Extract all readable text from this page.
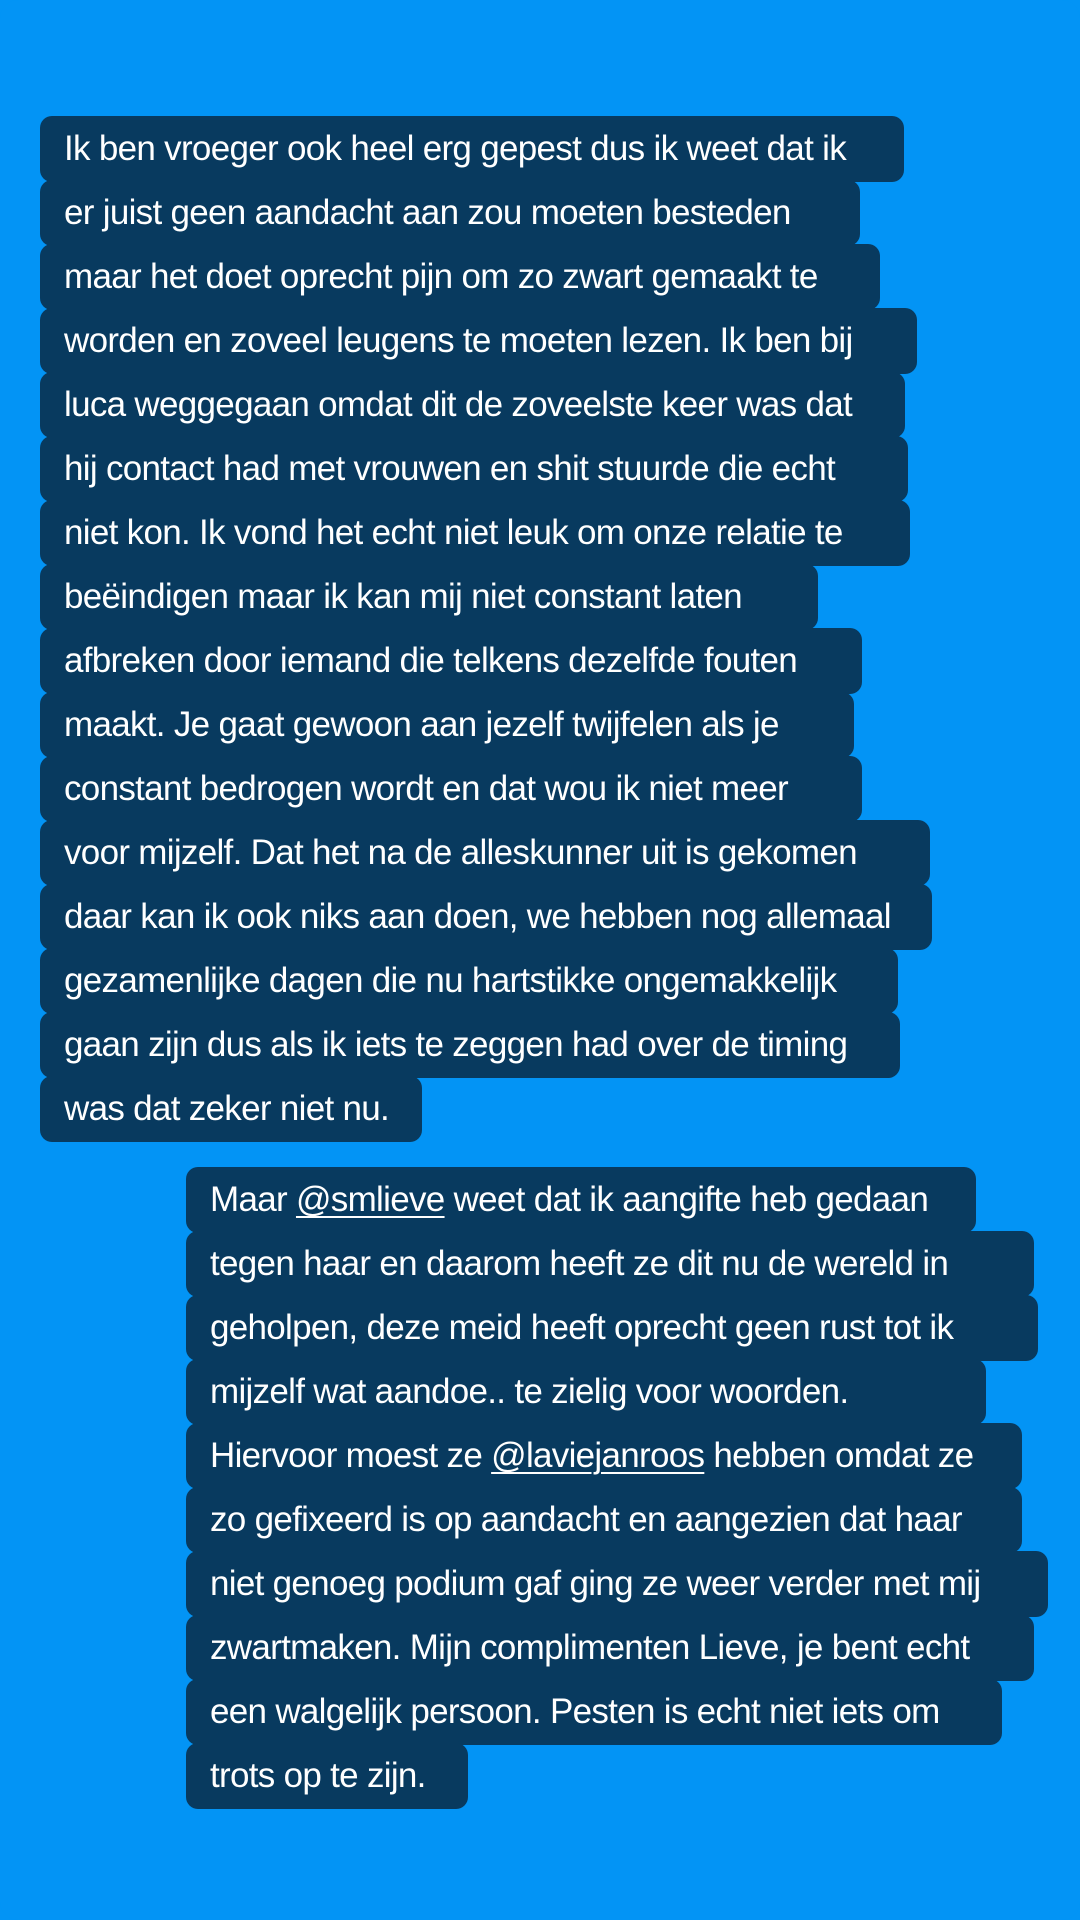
Ik ben vroeger ook heel erg gepest dus ik weet dat ik
er juist geen aandacht aan zou moeten besteden
maar het doet oprecht pijn om zo zwart gemaakt te
worden en zoveel leugens te moeten lezen. Ik ben bij
luca weggegaan omdat dit de zoveelste keer was dat
hij contact had met vrouwen en shit stuurde die echt
niet kon. Ik vond het echt niet leuk om onze relatie te
beëindigen maar ik kan mij niet constant laten
afbreken door iemand die telkens dezelfde fouten
maakt. Je gaat gewoon aan jezelf twijfelen als je
constant bedrogen wordt en dat wou ik niet meer
voor mijzelf. Dat het na de alleskunner uit is gekomen
daar kan ik ook niks aan doen, we hebben nog allemaal
gezamenlijke dagen die nu hartstikke ongemakkelijk
gaan zijn dus als ik iets te zeggen had over de timing
was dat zeker niet nu.
Maar @smlieve weet dat ik aangifte heb gedaan
tegen haar en daarom heeft ze dit nu de wereld in
geholpen, deze meid heeft oprecht geen rust tot ik
mijzelf wat aandoe.. te zielig voor woorden.
Hiervoor moest ze @laviejanroos hebben omdat ze
zo gefixeerd is op aandacht en aangezien dat haar
niet genoeg podium gaf ging ze weer verder met mij
zwartmaken. Mijn complimenten Lieve, je bent echt
een walgelijk persoon. Pesten is echt niet iets om
trots op te zijn.
